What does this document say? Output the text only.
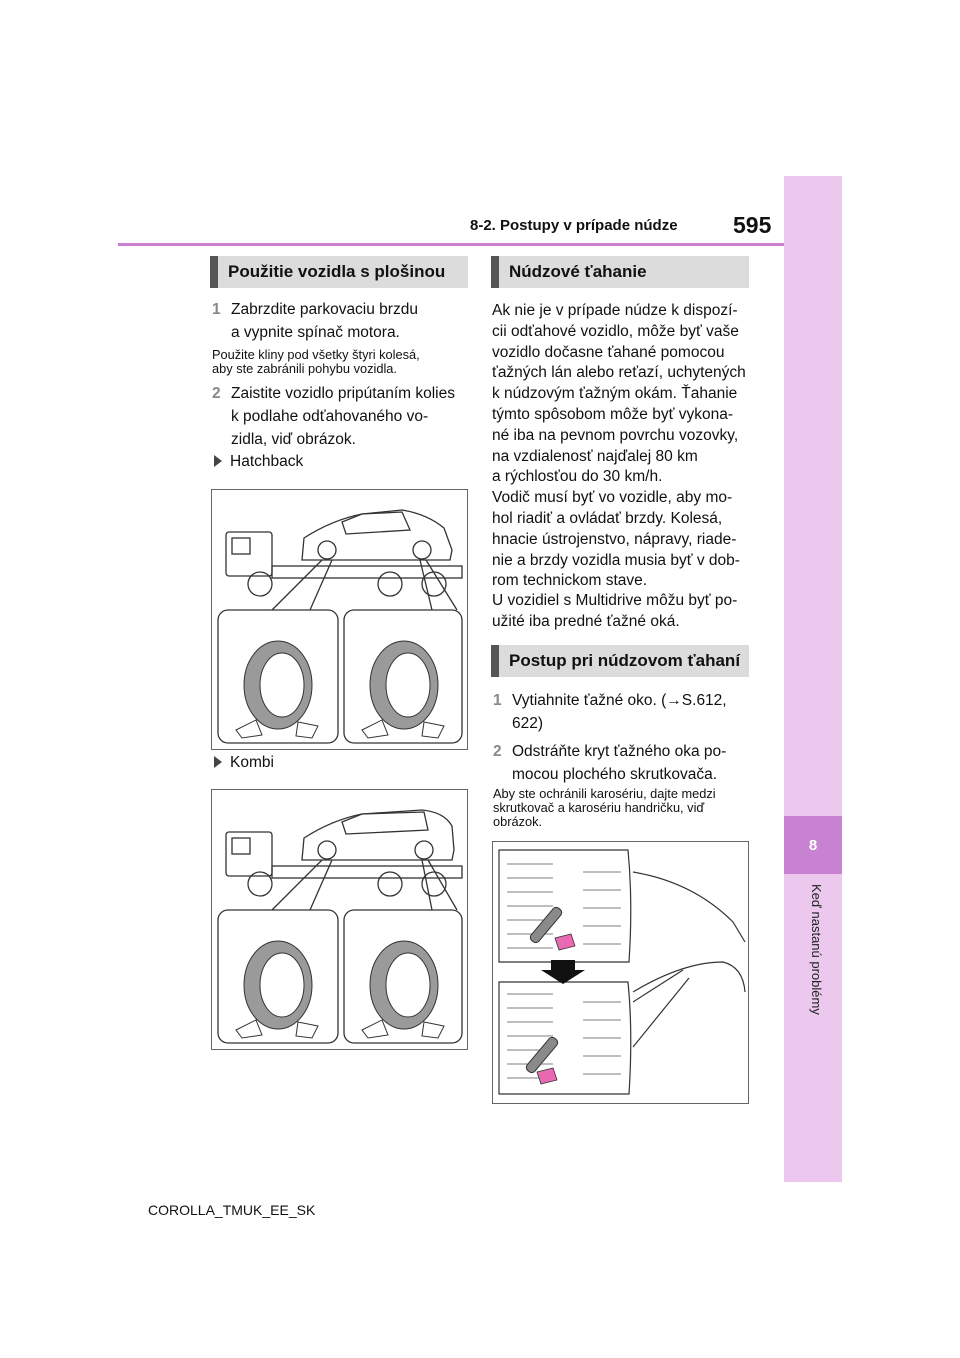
8
Keď nastanú problémy
8-2. Postupy v prípade núdze 595
Použitie vozidla s plošinou
1 Zabrzdite parkovaciu brzdu
a vypnite spínač motora.
Použite kliny pod všetky štyri kolesá,
aby ste zabránili pohybu vozidla.
2 Zaistite vozidlo pripútaním kolies
k podlahe odťahovaného vo-
zidla, viď obrázok.
Hatchback
Kombi
Núdzové ťahanie
Ak nie je v prípade núdze k dispozí-
cii odťahové vozidlo, môže byť vaše
vozidlo dočasne ťahané pomocou
ťažných lán alebo reťazí, uchytených
k núdzovým ťažným okám. Ťahanie
týmto spôsobom môže byť vykona-
né iba na pevnom povrchu vozovky,
na vzdialenosť najďalej 80 km
a rýchlosťou do 30 km/h.
Vodič musí byť vo vozidle, aby mo-
hol riadiť a ovládať brzdy. Kolesá,
hnacie ústrojenstvo, nápravy, riade-
nie a brzdy vozidla musia byť v dob-
rom technickom stave.
U vozidiel s Multidrive môžu byť po-
užité iba predné ťažné oká.
Postup pri núdzovom ťahaní
1 Vytiahnite ťažné oko. (→S.612,
622)
2 Odstráňte kryt ťažného oka po-
mocou plochého skrutkovača.
Aby ste ochránili karosériu, dajte medzi
skrutkovač a karosériu handričku, viď
obrázok.
COROLLA_TMUK_EE_SK
